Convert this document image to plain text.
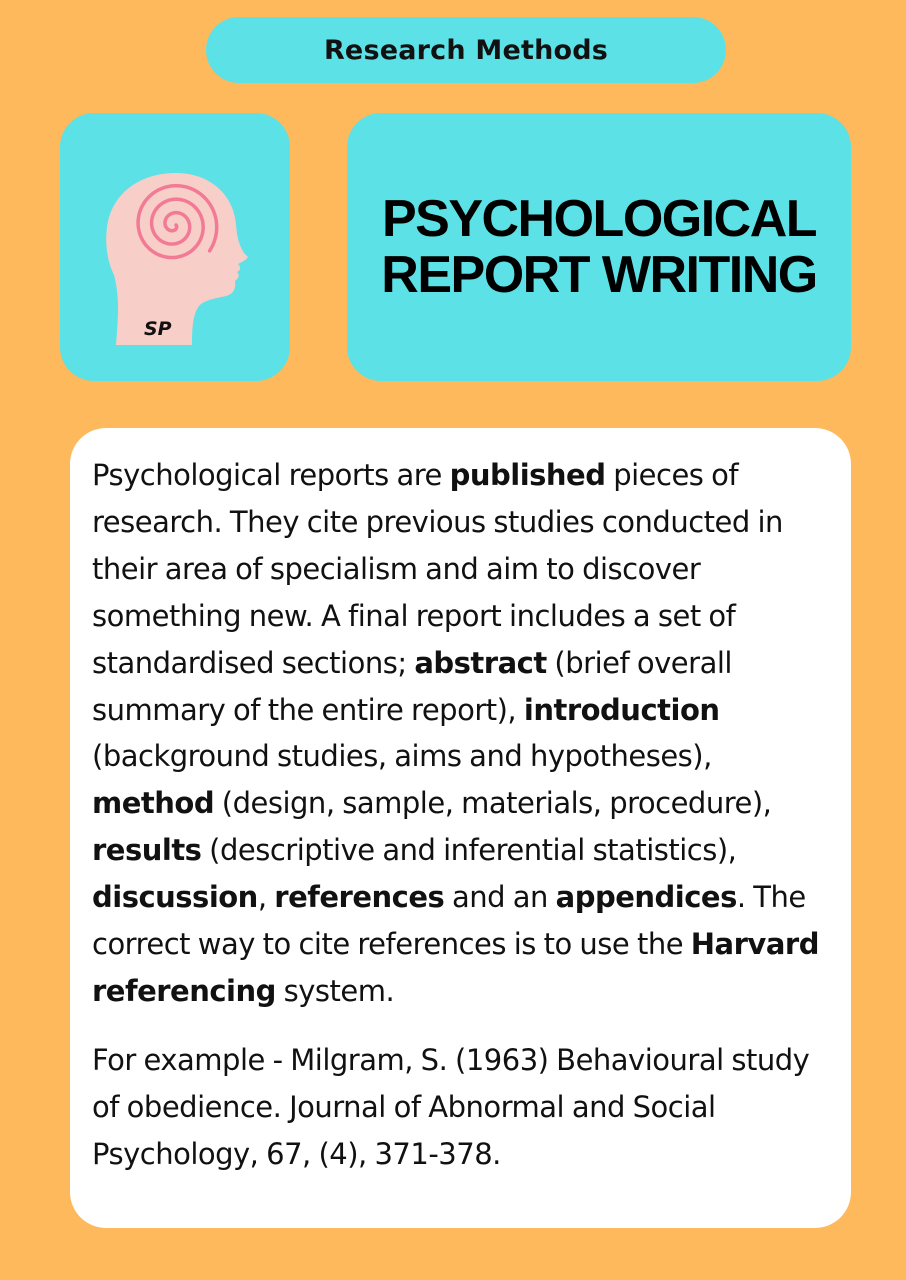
Research Methods
SP
PSYCHOLOGICAL
REPORT WRITING

Psychological reports are published pieces of research. They cite previous studies conducted in their area of specialism and aim to discover something new. A final report includes a set of standardised sections; abstract (brief overall summary of the entire report), introduction (background studies, aims and hypotheses), method (design, sample, materials, procedure), results (descriptive and inferential statistics), discussion, references and an appendices. The correct way to cite references is to use the Harvard referencing system.

For example - Milgram, S. (1963) Behavioural study of obedience. Journal of Abnormal and Social Psychology, 67, (4), 371-378.
